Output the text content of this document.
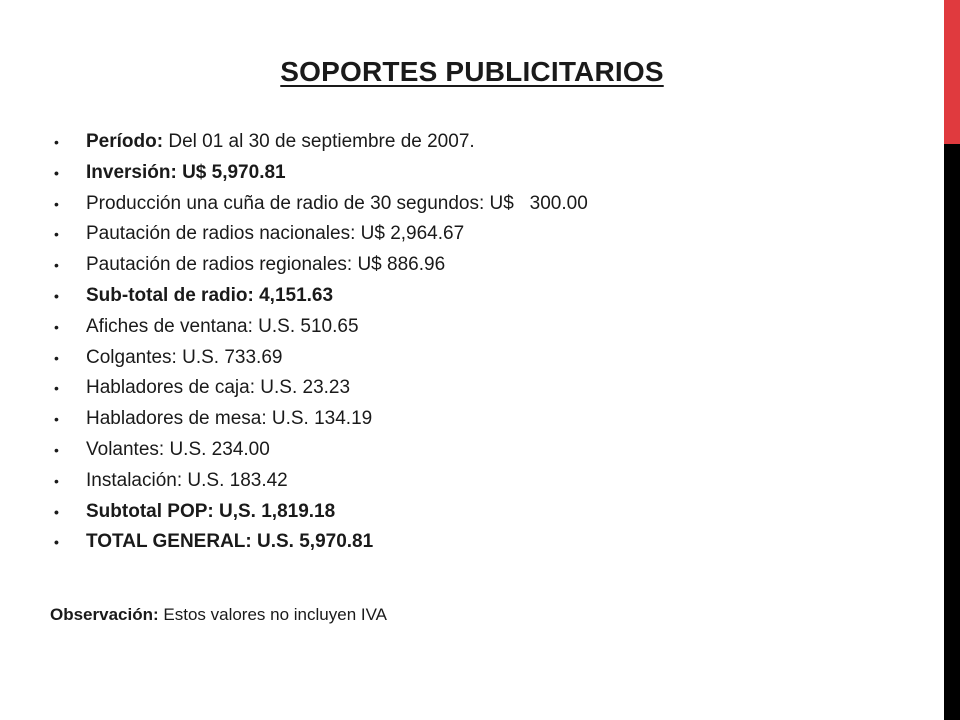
SOPORTES PUBLICITARIOS
• Período: Del 01 al 30 de septiembre de 2007.
• Inversión: U$ 5,970.81
• Producción una cuña de radio de 30 segundos: U$   300.00
• Pautación de radios nacionales: U$ 2,964.67
• Pautación de radios regionales: U$ 886.96
• Sub-total de radio: 4,151.63
• Afiches de ventana: U.S. 510.65
• Colgantes: U.S. 733.69
• Habladores de caja: U.S. 23.23
• Habladores de mesa: U.S. 134.19
• Volantes: U.S. 234.00
• Instalación: U.S. 183.42
• Subtotal POP: U,S. 1,819.18
• TOTAL GENERAL: U.S. 5,970.81

Observación: Estos valores no incluyen IVA
